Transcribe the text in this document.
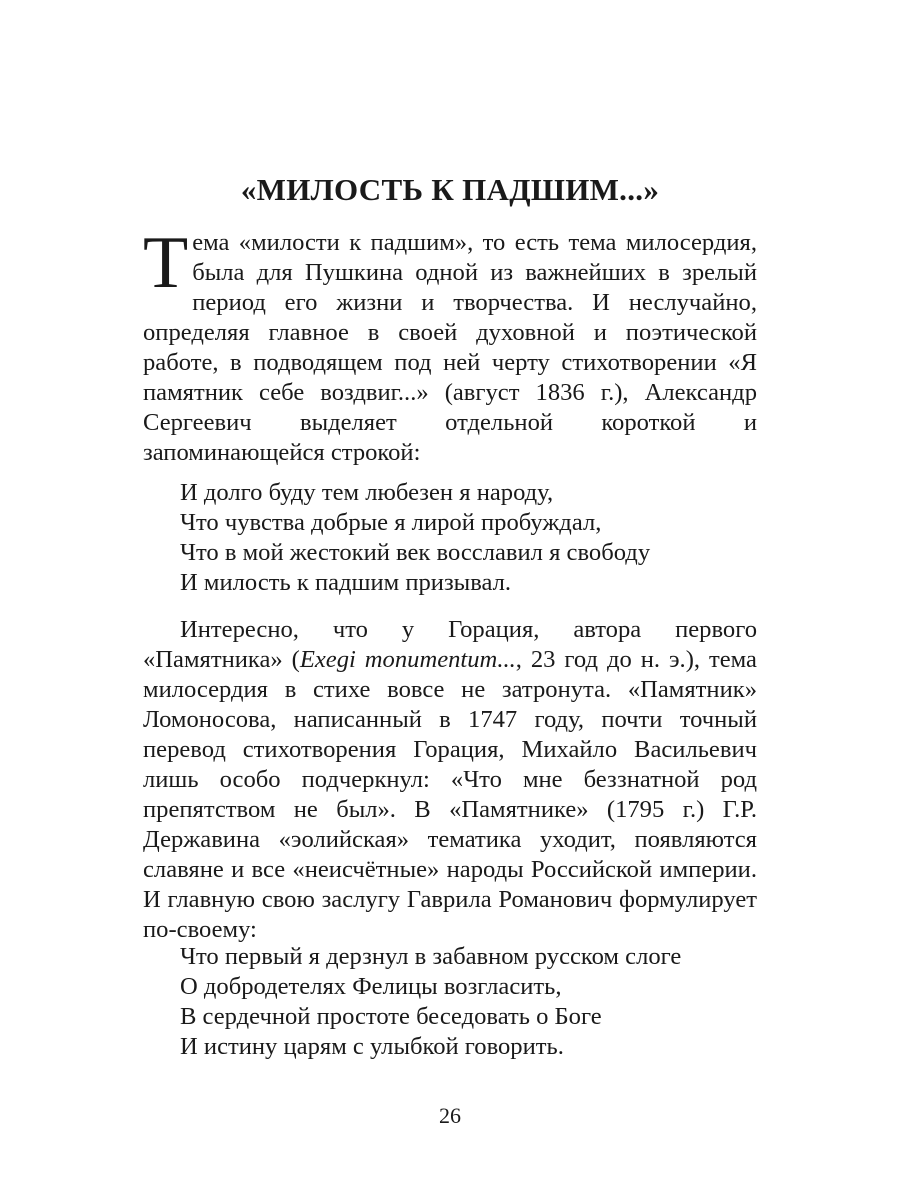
«МИЛОСТЬ К ПАДШИМ...»

Тема «милости к падшим», то есть тема милосердия, была для Пушкина одной из важнейших в зрелый период его жизни и творчества. И неслучайно, определяя главное в своей духовной и поэтической работе, в подводящем под ней черту стихотворении «Я памятник себе воздвиг...» (август 1836 г.), Александр Сергеевич выделяет отдельной короткой и запоминающейся строкой:

И долго буду тем любезен я народу,
Что чувства добрые я лирой пробуждал,
Что в мой жестокий век восславил я свободу
И милость к падшим призывал.

Интересно, что у Горация, автора первого «Памятника» (Exegi monumentum..., 23 год до н. э.), тема милосердия в стихе вовсе не затронута. «Памятник» Ломоносова, написанный в 1747 году, почти точный перевод стихотворения Горация, Михайло Васильевич лишь особо подчеркнул: «Что мне беззнатной род препятством не был». В «Памятнике» (1795 г.) Г.Р. Державина «эолийская» тематика уходит, появляются славяне и все «неисчётные» народы Российской империи. И главную свою заслугу Гаврила Романович формулирует по-своему:

Что первый я дерзнул в забавном русском слоге
О добродетелях Фелицы возгласить,
В сердечной простоте беседовать о Боге
И истину царям с улыбкой говорить.
26
